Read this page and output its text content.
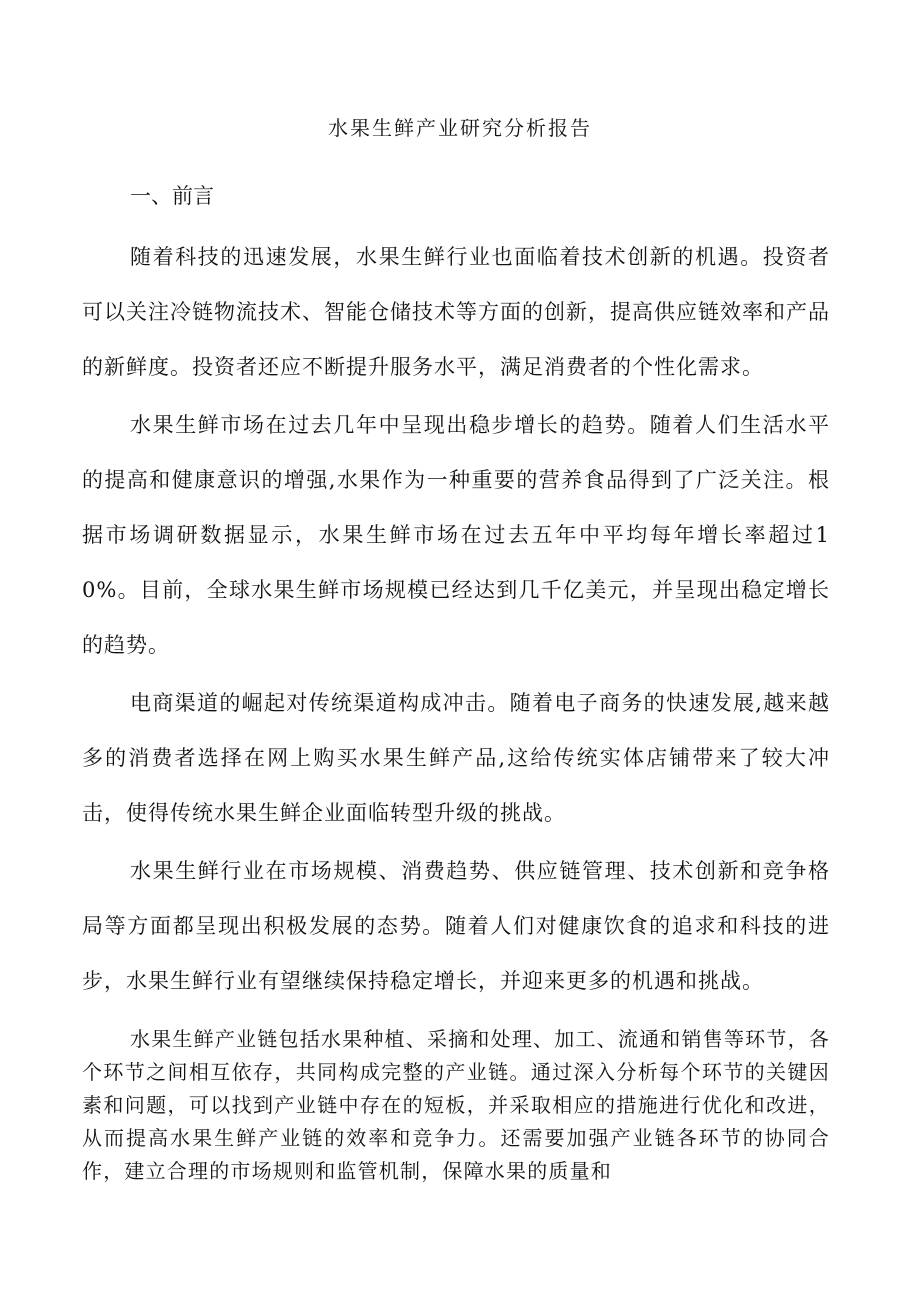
水果生鲜产业研究分析报告
一、前言

随着科技的迅速发展，水果生鲜行业也面临着技术创新的机遇。投资者可以关注冷链物流技术、智能仓储技术等方面的创新，提高供应链效率和产品的新鲜度。投资者还应不断提升服务水平，满足消费者的个性化需求。

水果生鲜市场在过去几年中呈现出稳步增长的趋势。随着人们生活水平的提高和健康意识的增强,水果作为一种重要的营养食品得到了广泛关注。根据市场调研数据显示，水果生鲜市场在过去五年中平均每年增长率超过10%。目前，全球水果生鲜市场规模已经达到几千亿美元，并呈现出稳定增长的趋势。

电商渠道的崛起对传统渠道构成冲击。随着电子商务的快速发展,越来越多的消费者选择在网上购买水果生鲜产品,这给传统实体店铺带来了较大冲击，使得传统水果生鲜企业面临转型升级的挑战。

水果生鲜行业在市场规模、消费趋势、供应链管理、技术创新和竞争格局等方面都呈现出积极发展的态势。随着人们对健康饮食的追求和科技的进步，水果生鲜行业有望继续保持稳定增长，并迎来更多的机遇和挑战。

水果生鲜产业链包括水果种植、采摘和处理、加工、流通和销售等环节，各个环节之间相互依存，共同构成完整的产业链。通过深入分析每个环节的关键因素和问题，可以找到产业链中存在的短板，并采取相应的措施进行优化和改进，从而提高水果生鲜产业链的效率和竞争力。还需要加强产业链各环节的协同合作，建立合理的市场规则和监管机制，保障水果的质量和
